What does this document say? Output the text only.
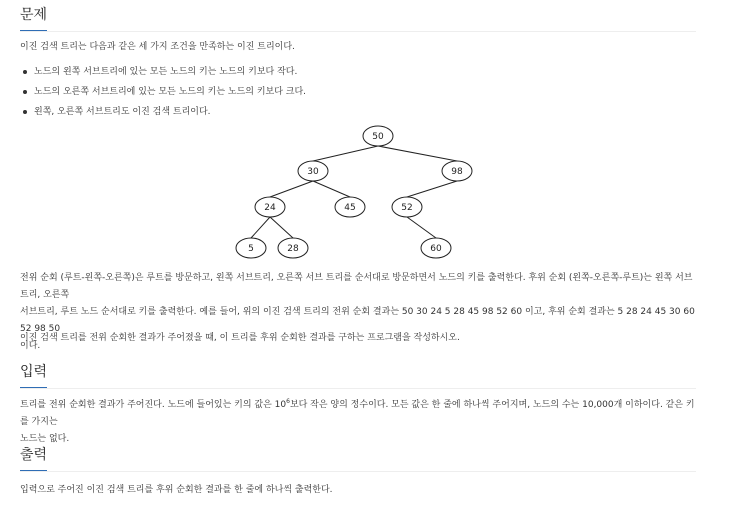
문제

이진 검색 트리는 다음과 같은 세 가지 조건을 만족하는 이진 트리이다.

노드의 왼쪽 서브트리에 있는 모든 노드의 키는 노드의 키보다 작다.
노드의 오른쪽 서브트리에 있는 모든 노드의 키는 노드의 키보다 크다.
왼쪽, 오른쪽 서브트리도 이진 검색 트리이다.
50
30	98
24	45	52
5	28	60

전위 순회 (루트-왼쪽-오른쪽)은 루트를 방문하고, 왼쪽 서브트리, 오른쪽 서브 트리를 순서대로 방문하면서 노드의 키를 출력한다. 후위 순회 (왼쪽-오른쪽-루트)는 왼쪽 서브트리, 오른쪽
서브트리, 루트 노드 순서대로 키를 출력한다. 예를 들어, 위의 이진 검색 트리의 전위 순회 결과는 50 30 24 5 28 45 98 52 60 이고, 후위 순회 결과는 5 28 24 45 30 60 52 98 50
이다.

이진 검색 트리를 전위 순회한 결과가 주어졌을 때, 이 트리를 후위 순회한 결과를 구하는 프로그램을 작성하시오.

입력

트리를 전위 순회한 결과가 주어진다. 노드에 들어있는 키의 값은 $10^6$보다 작은 양의 정수이다. 모든 값은 한 줄에 하나씩 주어지며, 노드의 수는 10,000개 이하이다. 같은 키를 가지는
노드는 없다.

출력

입력으로 주어진 이진 검색 트리를 후위 순회한 결과를 한 줄에 하나씩 출력한다.
